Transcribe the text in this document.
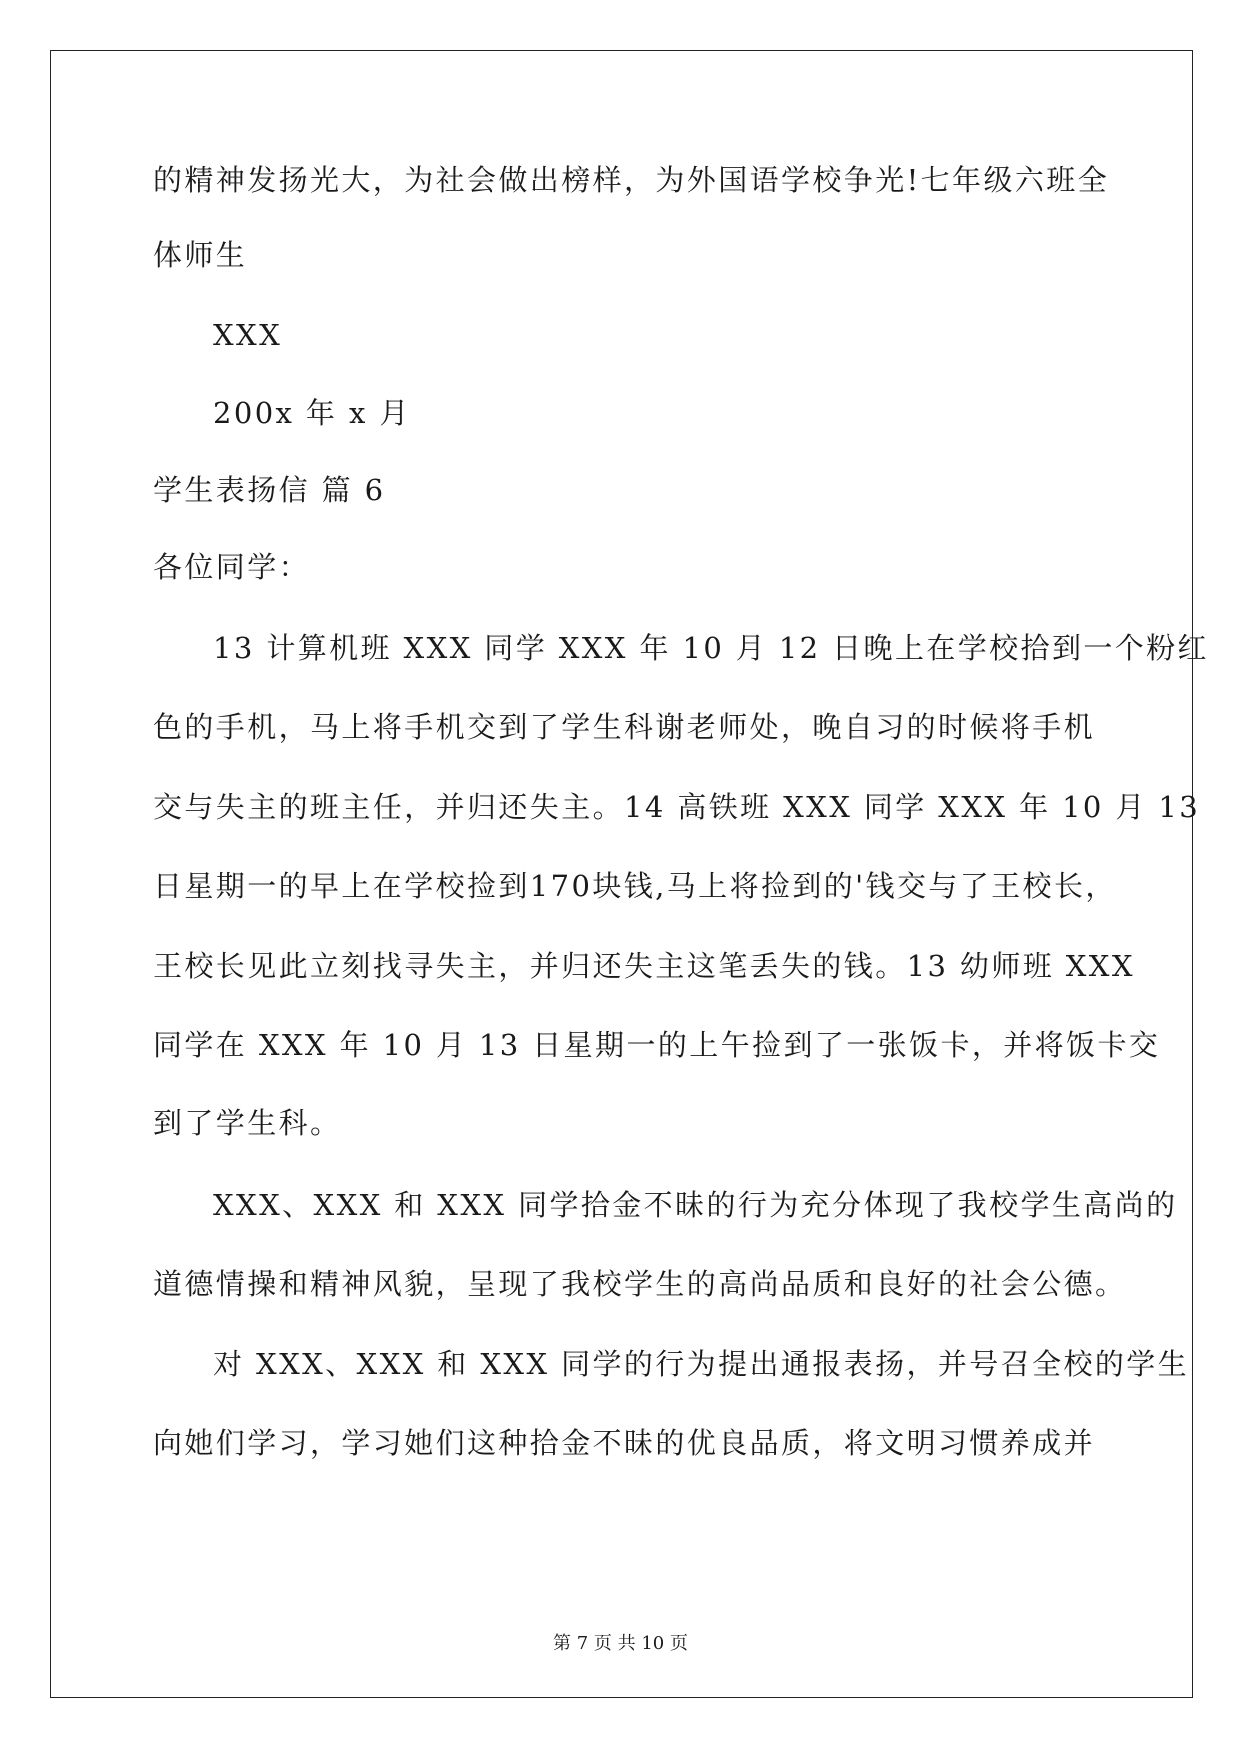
的精神发扬光大，为社会做出榜样，为外国语学校争光!七年级六班全
体师生
XXX
200x 年 x 月
学生表扬信 篇 6
各位同学：
13 计算机班 XXX 同学 XXX 年 10 月 12 日晚上在学校拾到一个粉红
色的手机，马上将手机交到了学生科谢老师处，晚自习的时候将手机
交与失主的班主任，并归还失主。14 高铁班 XXX 同学 XXX 年 10 月 13
日星期一的早上在学校捡到170块钱,马上将捡到的'钱交与了王校长，
王校长见此立刻找寻失主，并归还失主这笔丢失的钱。13 幼师班 XXX
同学在 XXX 年 10 月 13 日星期一的上午捡到了一张饭卡，并将饭卡交
到了学生科。
XXX、XXX 和 XXX 同学拾金不昧的行为充分体现了我校学生高尚的
道德情操和精神风貌，呈现了我校学生的高尚品质和良好的社会公德。
对 XXX、XXX 和 XXX 同学的行为提出通报表扬，并号召全校的学生
向她们学习，学习她们这种拾金不昧的优良品质，将文明习惯养成并
第 7 页 共 10 页
